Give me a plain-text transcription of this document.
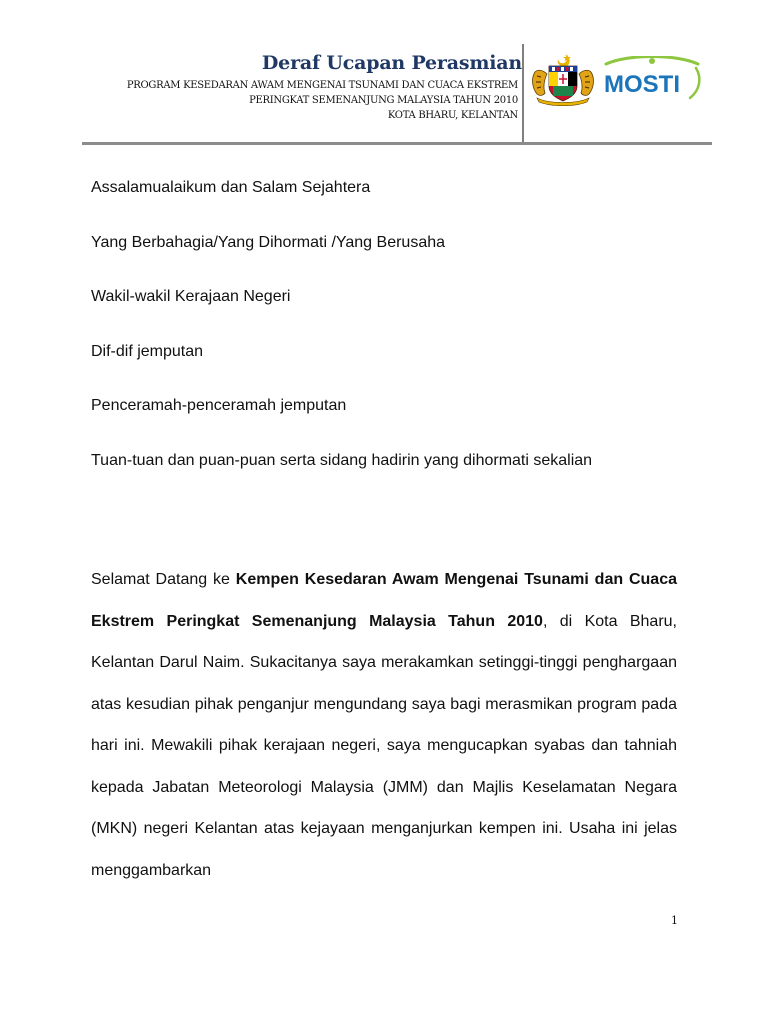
Deraf Ucapan Perasmian
PROGRAM KESEDARAN AWAM MENGENAI TSUNAMI DAN CUACA EKSTREM
PERINGKAT SEMENANJUNG MALAYSIA TAHUN 2010
KOTA BHARU, KELANTAN
MOSTI
Assalamualaikum dan Salam Sejahtera
Yang Berbahagia/Yang Dihormati /Yang Berusaha
Wakil-wakil Kerajaan Negeri
Dif-dif jemputan
Penceramah-penceramah jemputan
Tuan-tuan dan puan-puan serta sidang hadirin yang dihormati sekalian
Selamat Datang ke Kempen Kesedaran Awam Mengenai Tsunami dan Cuaca Ekstrem Peringkat Semenanjung Malaysia Tahun 2010, di Kota Bharu, Kelantan Darul Naim. Sukacitanya saya merakamkan setinggi-tinggi penghargaan atas kesudian pihak penganjur mengundang saya bagi merasmikan program pada hari ini. Mewakili pihak kerajaan negeri, saya mengucapkan syabas dan tahniah kepada Jabatan Meteorologi Malaysia (JMM) dan Majlis Keselamatan Negara (MKN) negeri Kelantan atas kejayaan menganjurkan kempen ini. Usaha ini jelas menggambarkan
1
